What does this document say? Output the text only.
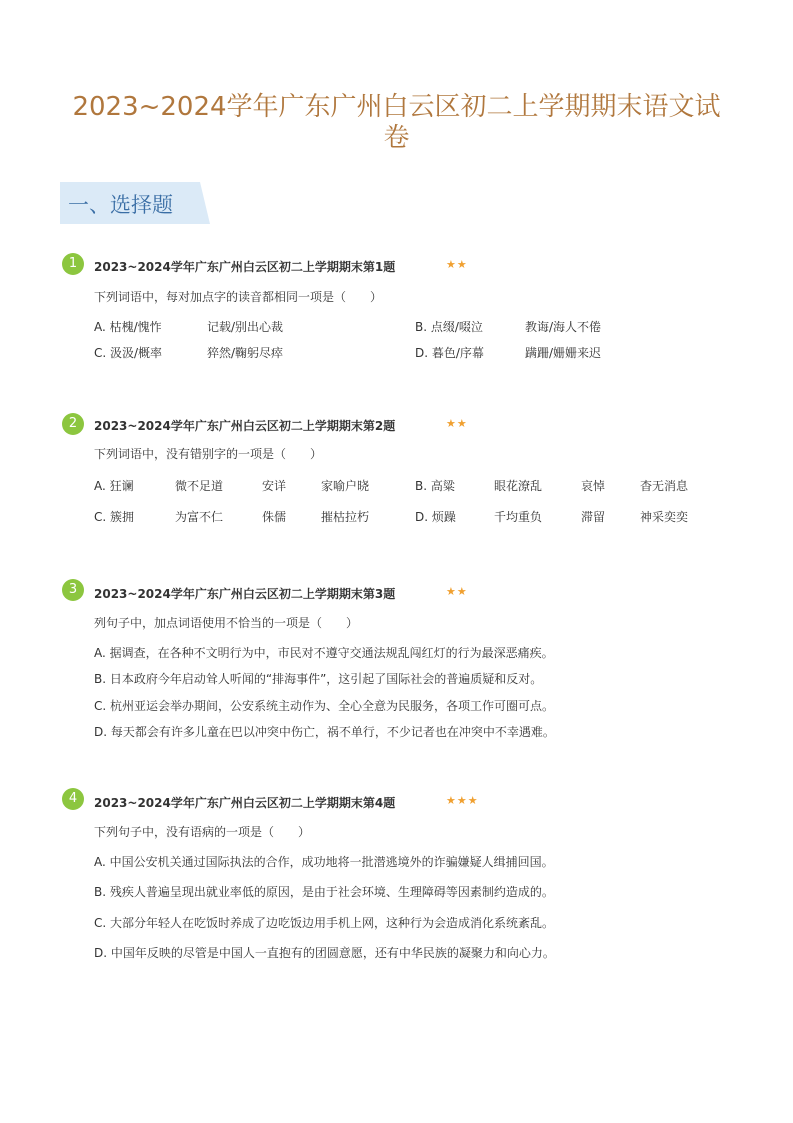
2023~2024学年广东广州白云区初二上学期期末语文试卷
一、选择题
1	2023~2024学年广东广州白云区初二上学期期末第1题	★★
下列词语中，每对加点字的读音都相同一项是（　　）
A. 枯槐/愧怍	记载/别出心裁	B. 点缀/啜泣	教诲/海人不倦
C. 汲汲/概率	猝然/鞠躬尽瘁	D. 暮色/序幕	蹒跚/姗姗来迟
2	2023~2024学年广东广州白云区初二上学期期末第2题	★★
下列词语中，没有错别字的一项是（　　）
A. 狂谰	微不足道	安详	家喻户晓	B. 高粱	眼花潦乱	哀悼	杳无消息
C. 簇拥	为富不仁	侏儒	摧枯拉朽	D. 烦躁	千均重负	滞留	神采奕奕
3	2023~2024学年广东广州白云区初二上学期期末第3题	★★
列句子中，加点词语使用不恰当的一项是（　　）
A. 据调查，在各种不文明行为中，市民对不遵守交通法规乱闯红灯的行为最深恶痛疾。
B. 日本政府今年启动耸人听闻的“排海事件”，这引起了国际社会的普遍质疑和反对。
C. 杭州亚运会举办期间，公安系统主动作为、全心全意为民服务，各项工作可圈可点。
D. 每天都会有许多儿童在巴以冲突中伤亡，祸不单行，不少记者也在冲突中不幸遇难。
4	2023~2024学年广东广州白云区初二上学期期末第4题	★★★
下列句子中，没有语病的一项是（　　）
A. 中国公安机关通过国际执法的合作，成功地将一批潜逃境外的诈骗嫌疑人缉捕回国。
B. 残疾人普遍呈现出就业率低的原因，是由于社会环境、生理障碍等因素制约造成的。
C. 大部分年轻人在吃饭时养成了边吃饭边用手机上网，这种行为会造成消化系统紊乱。
D. 中国年反映的尽管是中国人一直抱有的团圆意愿，还有中华民族的凝聚力和向心力。
